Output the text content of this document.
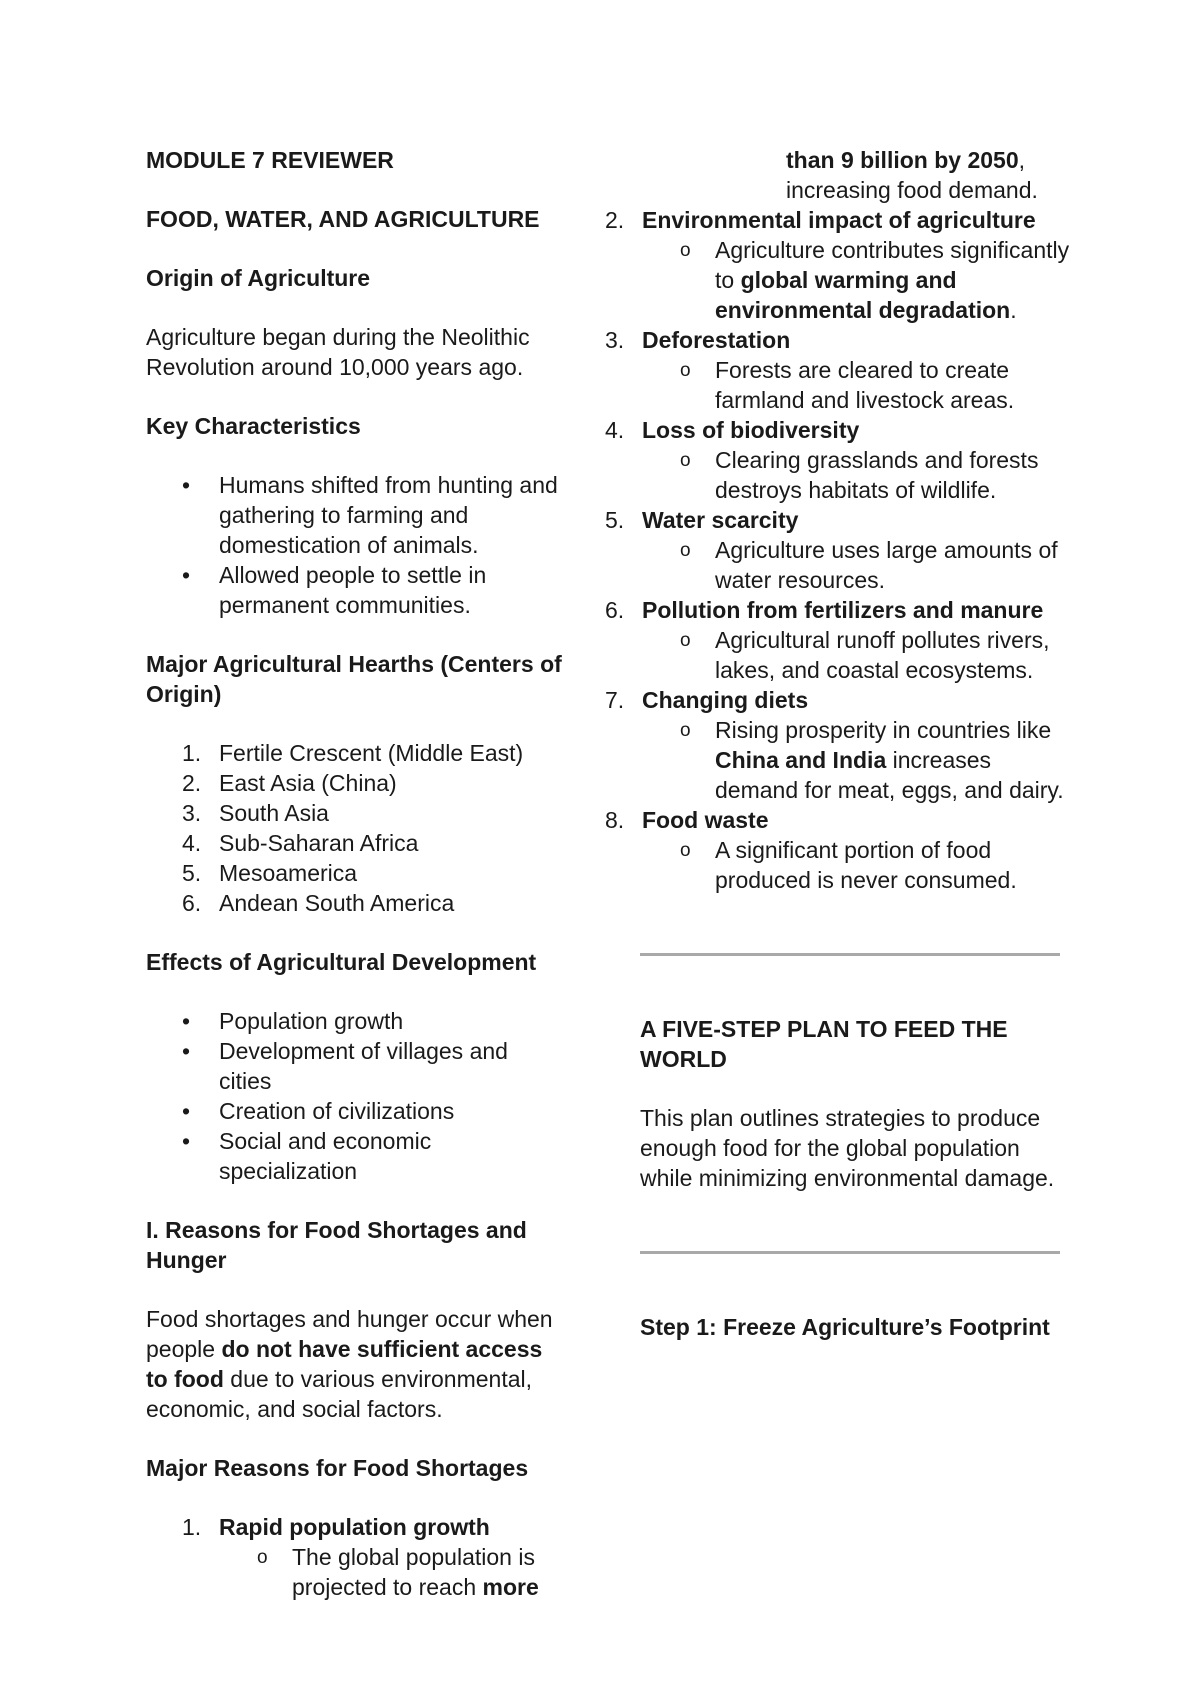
MODULE 7 REVIEWER

FOOD, WATER, AND AGRICULTURE

Origin of Agriculture

Agriculture began during the Neolithic Revolution around 10,000 years ago.

Key Characteristics

• Humans shifted from hunting and gathering to farming and domestication of animals.
• Allowed people to settle in permanent communities.

Major Agricultural Hearths (Centers of Origin)

1. Fertile Crescent (Middle East)
2. East Asia (China)
3. South Asia
4. Sub-Saharan Africa
5. Mesoamerica
6. Andean South America

Effects of Agricultural Development

• Population growth
• Development of villages and cities
• Creation of civilizations
• Social and economic specialization

I. Reasons for Food Shortages and Hunger

Food shortages and hunger occur when people do not have sufficient access to food due to various environmental, economic, and social factors.

Major Reasons for Food Shortages

1. Rapid population growth
o The global population is projected to reach more
than 9 billion by 2050, increasing food demand.
2. Environmental impact of agriculture
o Agriculture contributes significantly to global warming and environmental degradation.
3. Deforestation
o Forests are cleared to create farmland and livestock areas.
4. Loss of biodiversity
o Clearing grasslands and forests destroys habitats of wildlife.
5. Water scarcity
o Agriculture uses large amounts of water resources.
6. Pollution from fertilizers and manure
o Agricultural runoff pollutes rivers, lakes, and coastal ecosystems.
7. Changing diets
o Rising prosperity in countries like China and India increases demand for meat, eggs, and dairy.
8. Food waste
o A significant portion of food produced is never consumed.

A FIVE-STEP PLAN TO FEED THE WORLD

This plan outlines strategies to produce enough food for the global population while minimizing environmental damage.

Step 1: Freeze Agriculture’s Footprint
